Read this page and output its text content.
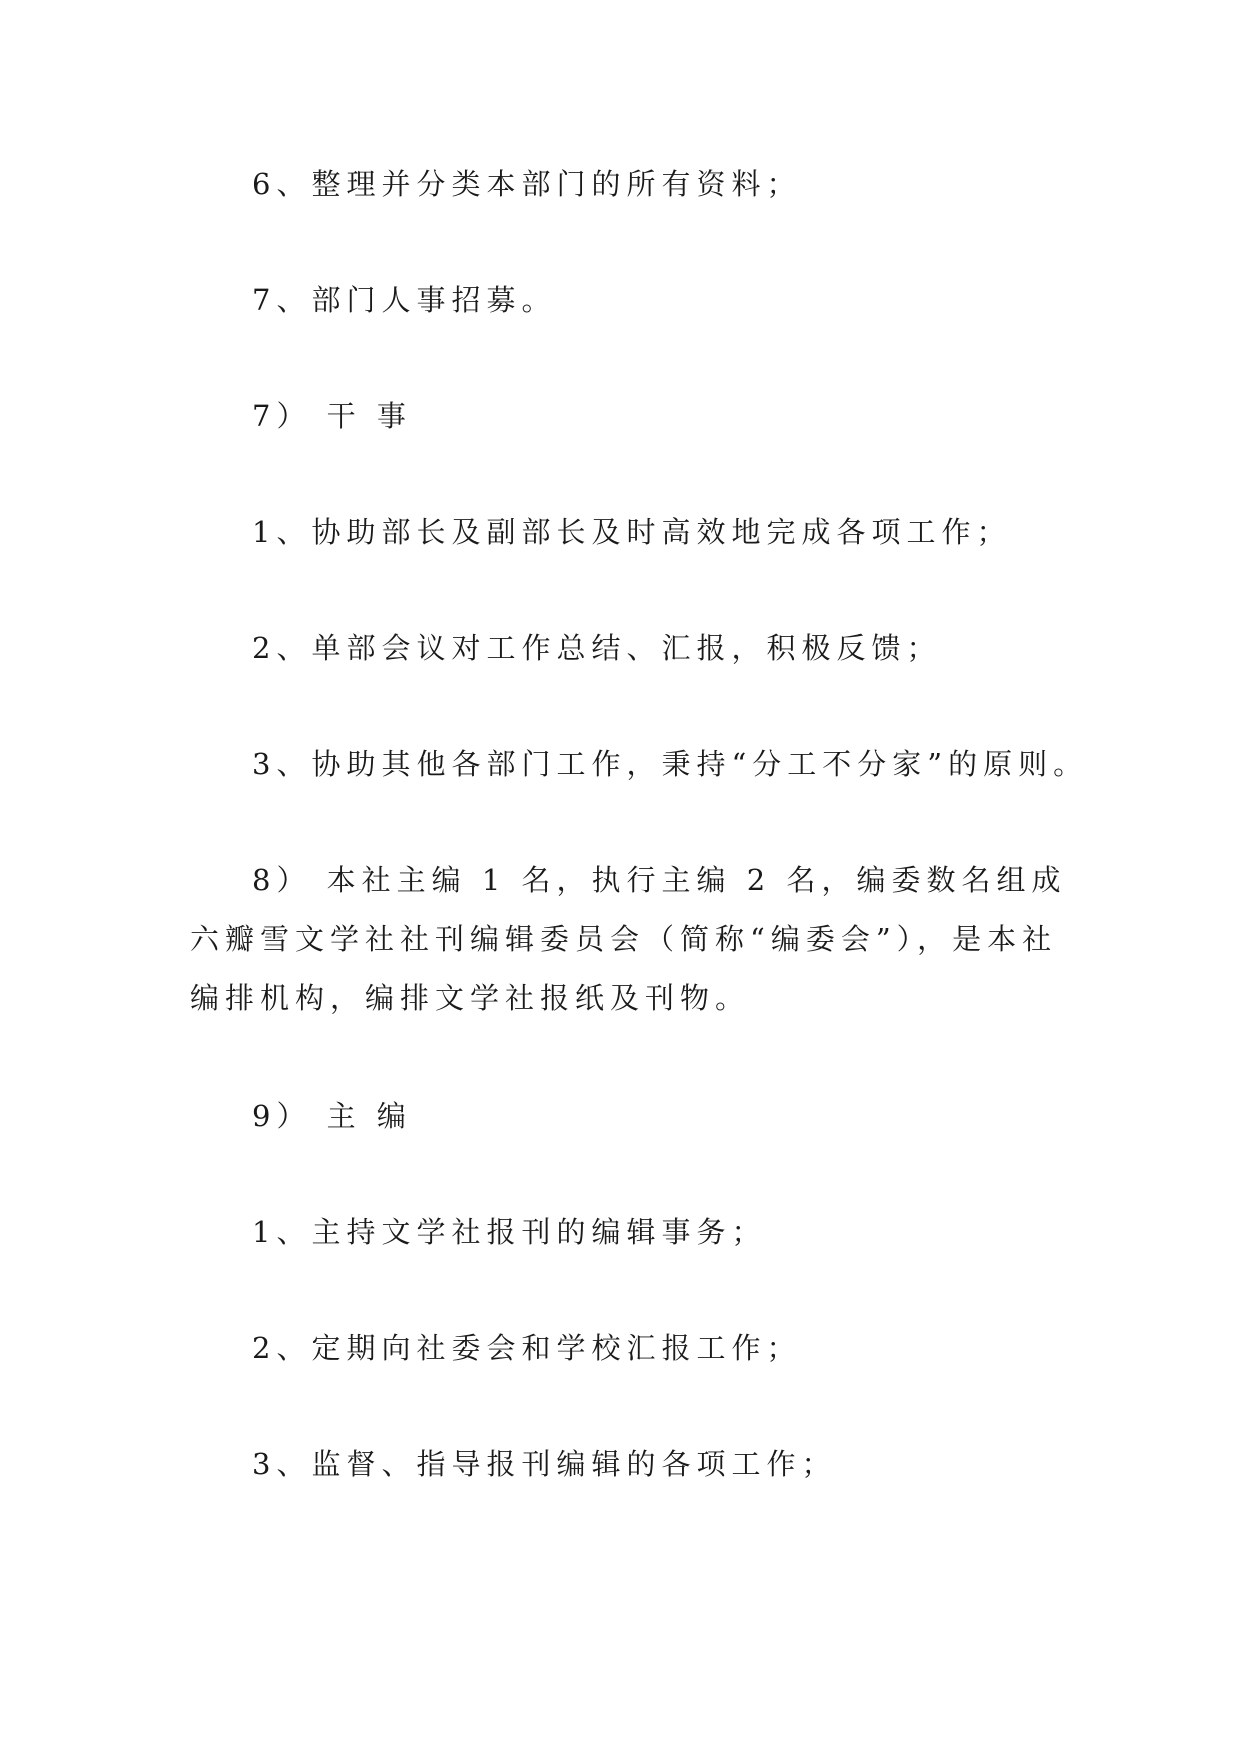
6、整理并分类本部门的所有资料；
7、部门人事招募。
7） 干 事
1、协助部长及副部长及时高效地完成各项工作；
2、单部会议对工作总结、汇报，积极反馈；
3、协助其他各部门工作，秉持“分工不分家”的原则。

8） 本社主编 1 名，执行主编 2 名，编委数名组成六瓣雪文学社社刊编辑委员会（简称“编委会”），是本社编排机构，编排文学社报纸及刊物。

9） 主 编
1、主持文学社报刊的编辑事务；
2、定期向社委会和学校汇报工作；
3、监督、指导报刊编辑的各项工作；
